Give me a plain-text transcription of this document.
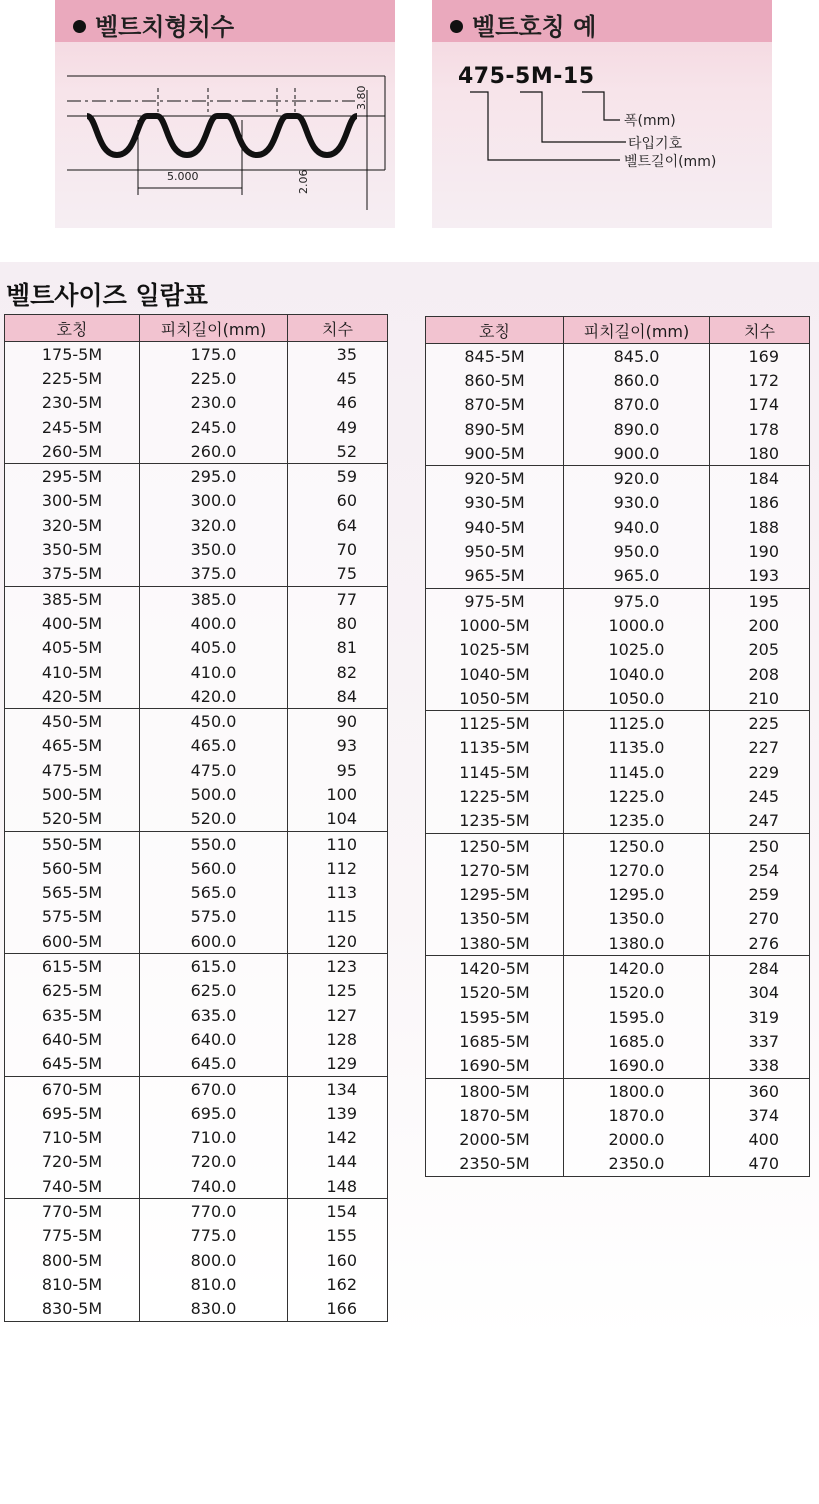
벨트치형치수
5.000
3.80
2.06
벨트호칭 예
475-5M-15
폭(mm)
타입기호
벨트길이(mm)
벨트사이즈 일람표
호칭	피치길이(mm)	치수
175-5M	175.0	35
225-5M	225.0	45
230-5M	230.0	46
245-5M	245.0	49
260-5M	260.0	52
295-5M	295.0	59
300-5M	300.0	60
320-5M	320.0	64
350-5M	350.0	70
375-5M	375.0	75
385-5M	385.0	77
400-5M	400.0	80
405-5M	405.0	81
410-5M	410.0	82
420-5M	420.0	84
450-5M	450.0	90
465-5M	465.0	93
475-5M	475.0	95
500-5M	500.0	100
520-5M	520.0	104
550-5M	550.0	110
560-5M	560.0	112
565-5M	565.0	113
575-5M	575.0	115
600-5M	600.0	120
615-5M	615.0	123
625-5M	625.0	125
635-5M	635.0	127
640-5M	640.0	128
645-5M	645.0	129
670-5M	670.0	134
695-5M	695.0	139
710-5M	710.0	142
720-5M	720.0	144
740-5M	740.0	148
770-5M	770.0	154
775-5M	775.0	155
800-5M	800.0	160
810-5M	810.0	162
830-5M	830.0	166
호칭	피치길이(mm)	치수
845-5M	845.0	169
860-5M	860.0	172
870-5M	870.0	174
890-5M	890.0	178
900-5M	900.0	180
920-5M	920.0	184
930-5M	930.0	186
940-5M	940.0	188
950-5M	950.0	190
965-5M	965.0	193
975-5M	975.0	195
1000-5M	1000.0	200
1025-5M	1025.0	205
1040-5M	1040.0	208
1050-5M	1050.0	210
1125-5M	1125.0	225
1135-5M	1135.0	227
1145-5M	1145.0	229
1225-5M	1225.0	245
1235-5M	1235.0	247
1250-5M	1250.0	250
1270-5M	1270.0	254
1295-5M	1295.0	259
1350-5M	1350.0	270
1380-5M	1380.0	276
1420-5M	1420.0	284
1520-5M	1520.0	304
1595-5M	1595.0	319
1685-5M	1685.0	337
1690-5M	1690.0	338
1800-5M	1800.0	360
1870-5M	1870.0	374
2000-5M	2000.0	400
2350-5M	2350.0	470
